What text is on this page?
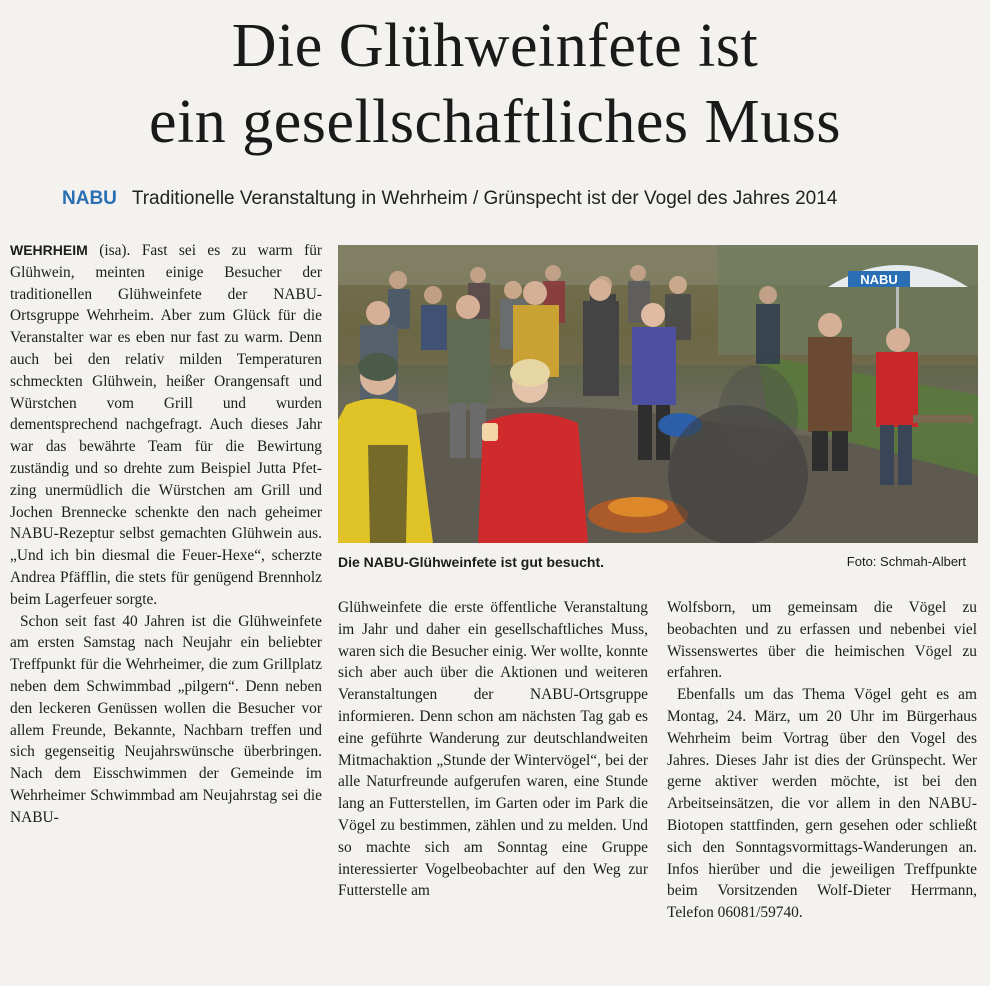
Die Glühweinfete ist
ein gesellschaftliches Muss
NABU Traditionelle Veranstaltung in Wehrheim / Grünspecht ist der Vogel des Jahres 2014

WEHRHEIM (isa). Fast sei es zu warm für Glühwein, meinten einige Besucher der traditionellen Glühweinfete der NABU-Ortsgruppe Wehrheim. Aber zum Glück für die Veranstalter war es eben nur fast zu warm. Denn auch bei den relativ milden Temperaturen schmeckten Glühwein, heißer Orangensaft und Würstchen vom Grill und wurden dementsprechend nachgefragt. Auch dieses Jahr war das bewährte Team für die Bewirtung zuständig und so drehte zum Beispiel Jutta Pfetzing unermüdlich die Würstchen am Grill und Jochen Brennecke schenkte den nach geheimer NABU-Rezeptur selbst gemachten Glühwein aus. „Und ich bin diesmal die Feuer-Hexe“, scherzte Andrea Pfäfflin, die stets für genügend Brennholz beim Lagerfeuer sorgte.

Schon seit fast 40 Jahren ist die Glühweinfete am ersten Samstag nach Neujahr ein beliebter Treffpunkt für die Wehrheimer, die zum Grillplatz neben dem Schwimmbad „pilgern“. Denn neben den leckeren Genüssen wollen die Besucher vor allem Freunde, Bekannte, Nachbarn treffen und sich gegenseitig Neujahrswünsche überbringen. Nach dem Eisschwimmen der Gemeinde im Wehrheimer Schwimmbad am Neujahrstag sei die NABU-

NABU
Die NABU-Glühweinfete ist gut besucht.	Foto: Schmah-Albert

Glühweinfete die erste öffentliche Veranstaltung im Jahr und daher ein gesellschaftliches Muss, waren sich die Besucher einig. Wer wollte, konnte sich aber auch über die Aktionen und weiteren Veranstaltungen der NABU-Ortsgruppe informieren. Denn schon am nächsten Tag gab es eine geführte Wanderung zur deutschlandweiten Mitmachaktion „Stunde der Wintervögel“, bei der alle Naturfreunde aufgerufen waren, eine Stunde lang an Futterstellen, im Garten oder im Park die Vögel zu bestimmen, zählen und zu melden. Und so machte sich am Sonntag eine Gruppe interessierter Vogelbeobachter auf den Weg zur Futterstelle am

Wolfsborn, um gemeinsam die Vögel zu beobachten und zu erfassen und nebenbei viel Wissenswertes über die heimischen Vögel zu erfahren.

Ebenfalls um das Thema Vögel geht es am Montag, 24. März, um 20 Uhr im Bürgerhaus Wehrheim beim Vortrag über den Vogel des Jahres. Dieses Jahr ist dies der Grünspecht. Wer gerne aktiver werden möchte, ist bei den Arbeitseinsätzen, die vor allem in den NABU-Biotopen stattfinden, gern gesehen oder schließt sich den Sonntagsvormittags-Wanderungen an. Infos hierüber und die jeweiligen Treffpunkte beim Vorsitzenden Wolf-Dieter Herrmann, Telefon 06081/59740.
